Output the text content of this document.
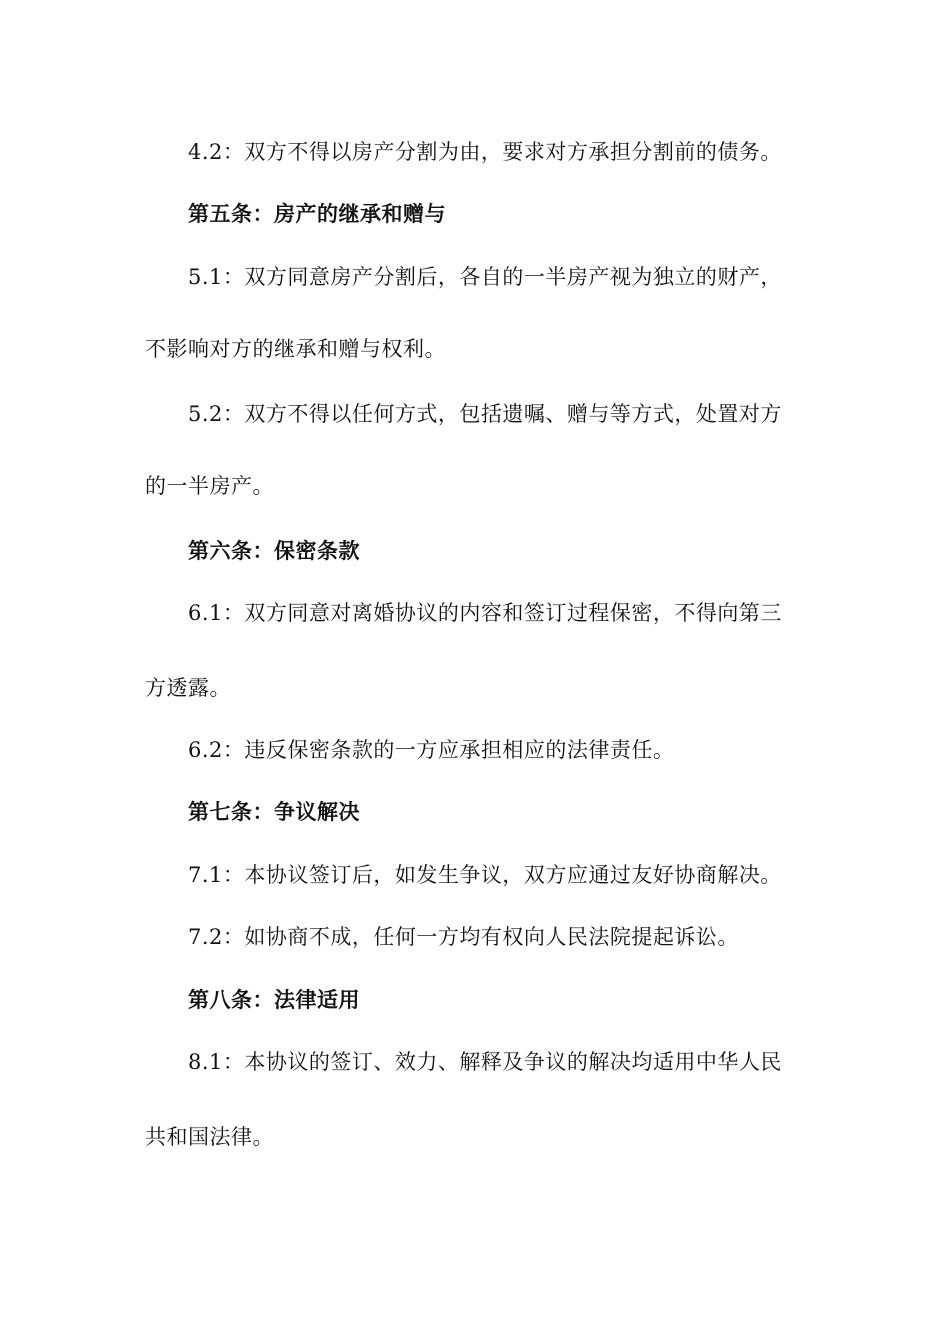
4.2：双方不得以房产分割为由，要求对方承担分割前的债务。
第五条：房产的继承和赠与
5.1：双方同意房产分割后，各自的一半房产视为独立的财产，
不影响对方的继承和赠与权利。
5.2：双方不得以任何方式，包括遗嘱、赠与等方式，处置对方
的一半房产。
第六条：保密条款
6.1：双方同意对离婚协议的内容和签订过程保密，不得向第三
方透露。
6.2：违反保密条款的一方应承担相应的法律责任。
第七条：争议解决
7.1：本协议签订后，如发生争议，双方应通过友好协商解决。
7.2：如协商不成，任何一方均有权向人民法院提起诉讼。
第八条：法律适用
8.1：本协议的签订、效力、解释及争议的解决均适用中华人民
共和国法律。
